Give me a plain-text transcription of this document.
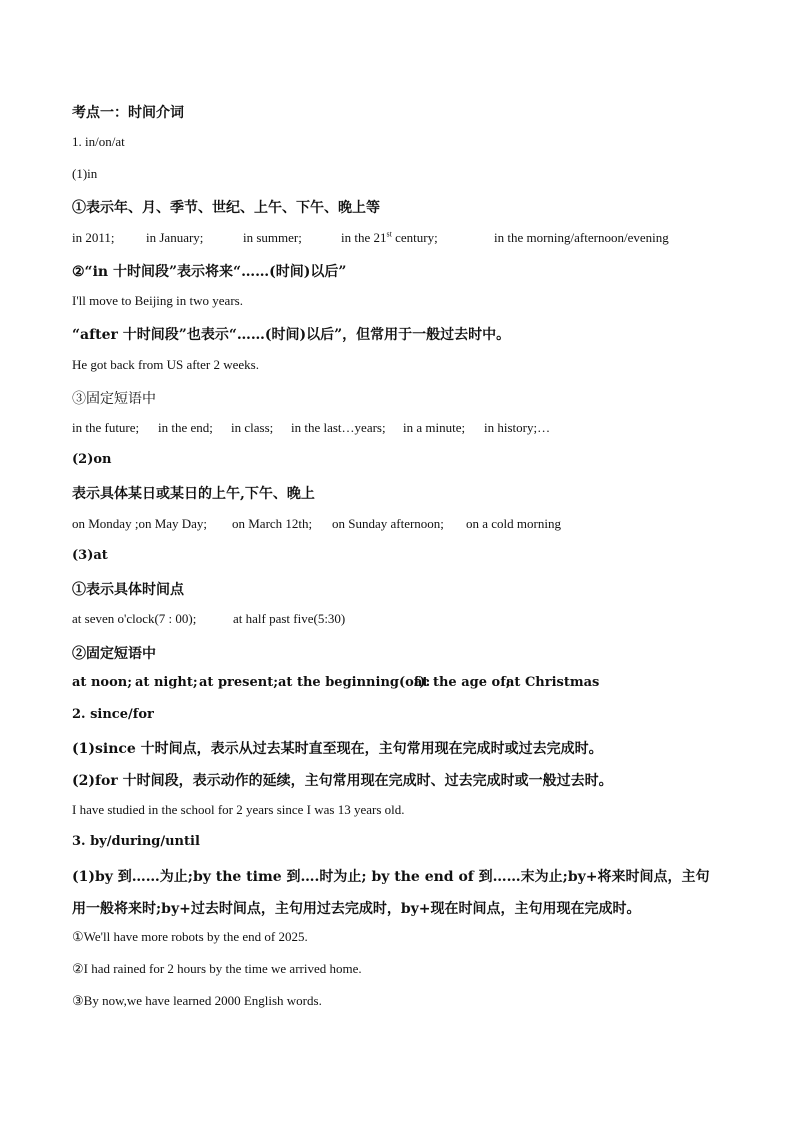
考点一：时间介词
1. in/on/at
(1)in
①表示年、月、季节、世纪、上午、下午、晚上等
in 2011; in January;	in summer;	in the 21st century;	in the morning/afternoon/evening
②“in 十时间段”表示将来“……(时间)以后”
I'll move to Beijing in two years.
“after 十时间段”也表示“……(时间)以后”，但常用于一般过去时中。
He got back from US after 2 weeks.
③固定短语中
in the future; in the end; in class; in the last…years; in a minute; in history;…
(2)on
表示具体某日或某日的上午,下午、晚上
on Monday ;on May Day; on March 12th; on Sunday afternoon; on a cold morning
(3)at
①表示具体时间点
at seven o'clock(7 : 00);	at half past five(5:30)
②固定短语中
at noon; at night; at present; at the beginning(of):
at the age of;
at Christmas
2. since/for
(1)since 十时间点，表示从过去某时直至现在，主句常用现在完成时或过去完成时。
(2)for 十时间段，表示动作的延续，主句常用现在完成时、过去完成时或一般过去时。
I have studied in the school for 2 years since I was 13 years old.
3. by/during/until
(1)by 到……为止;by the time 到….时为止; by the end of 到……末为止;by+将来时间点，主句
用一般将来时;by+过去时间点，主句用过去完成时，by+现在时间点，主句用现在完成时。
①We'll have more robots by the end of 2025.
②I had rained for 2 hours by the time we arrived home.
③By now,we have learned 2000 English words.
